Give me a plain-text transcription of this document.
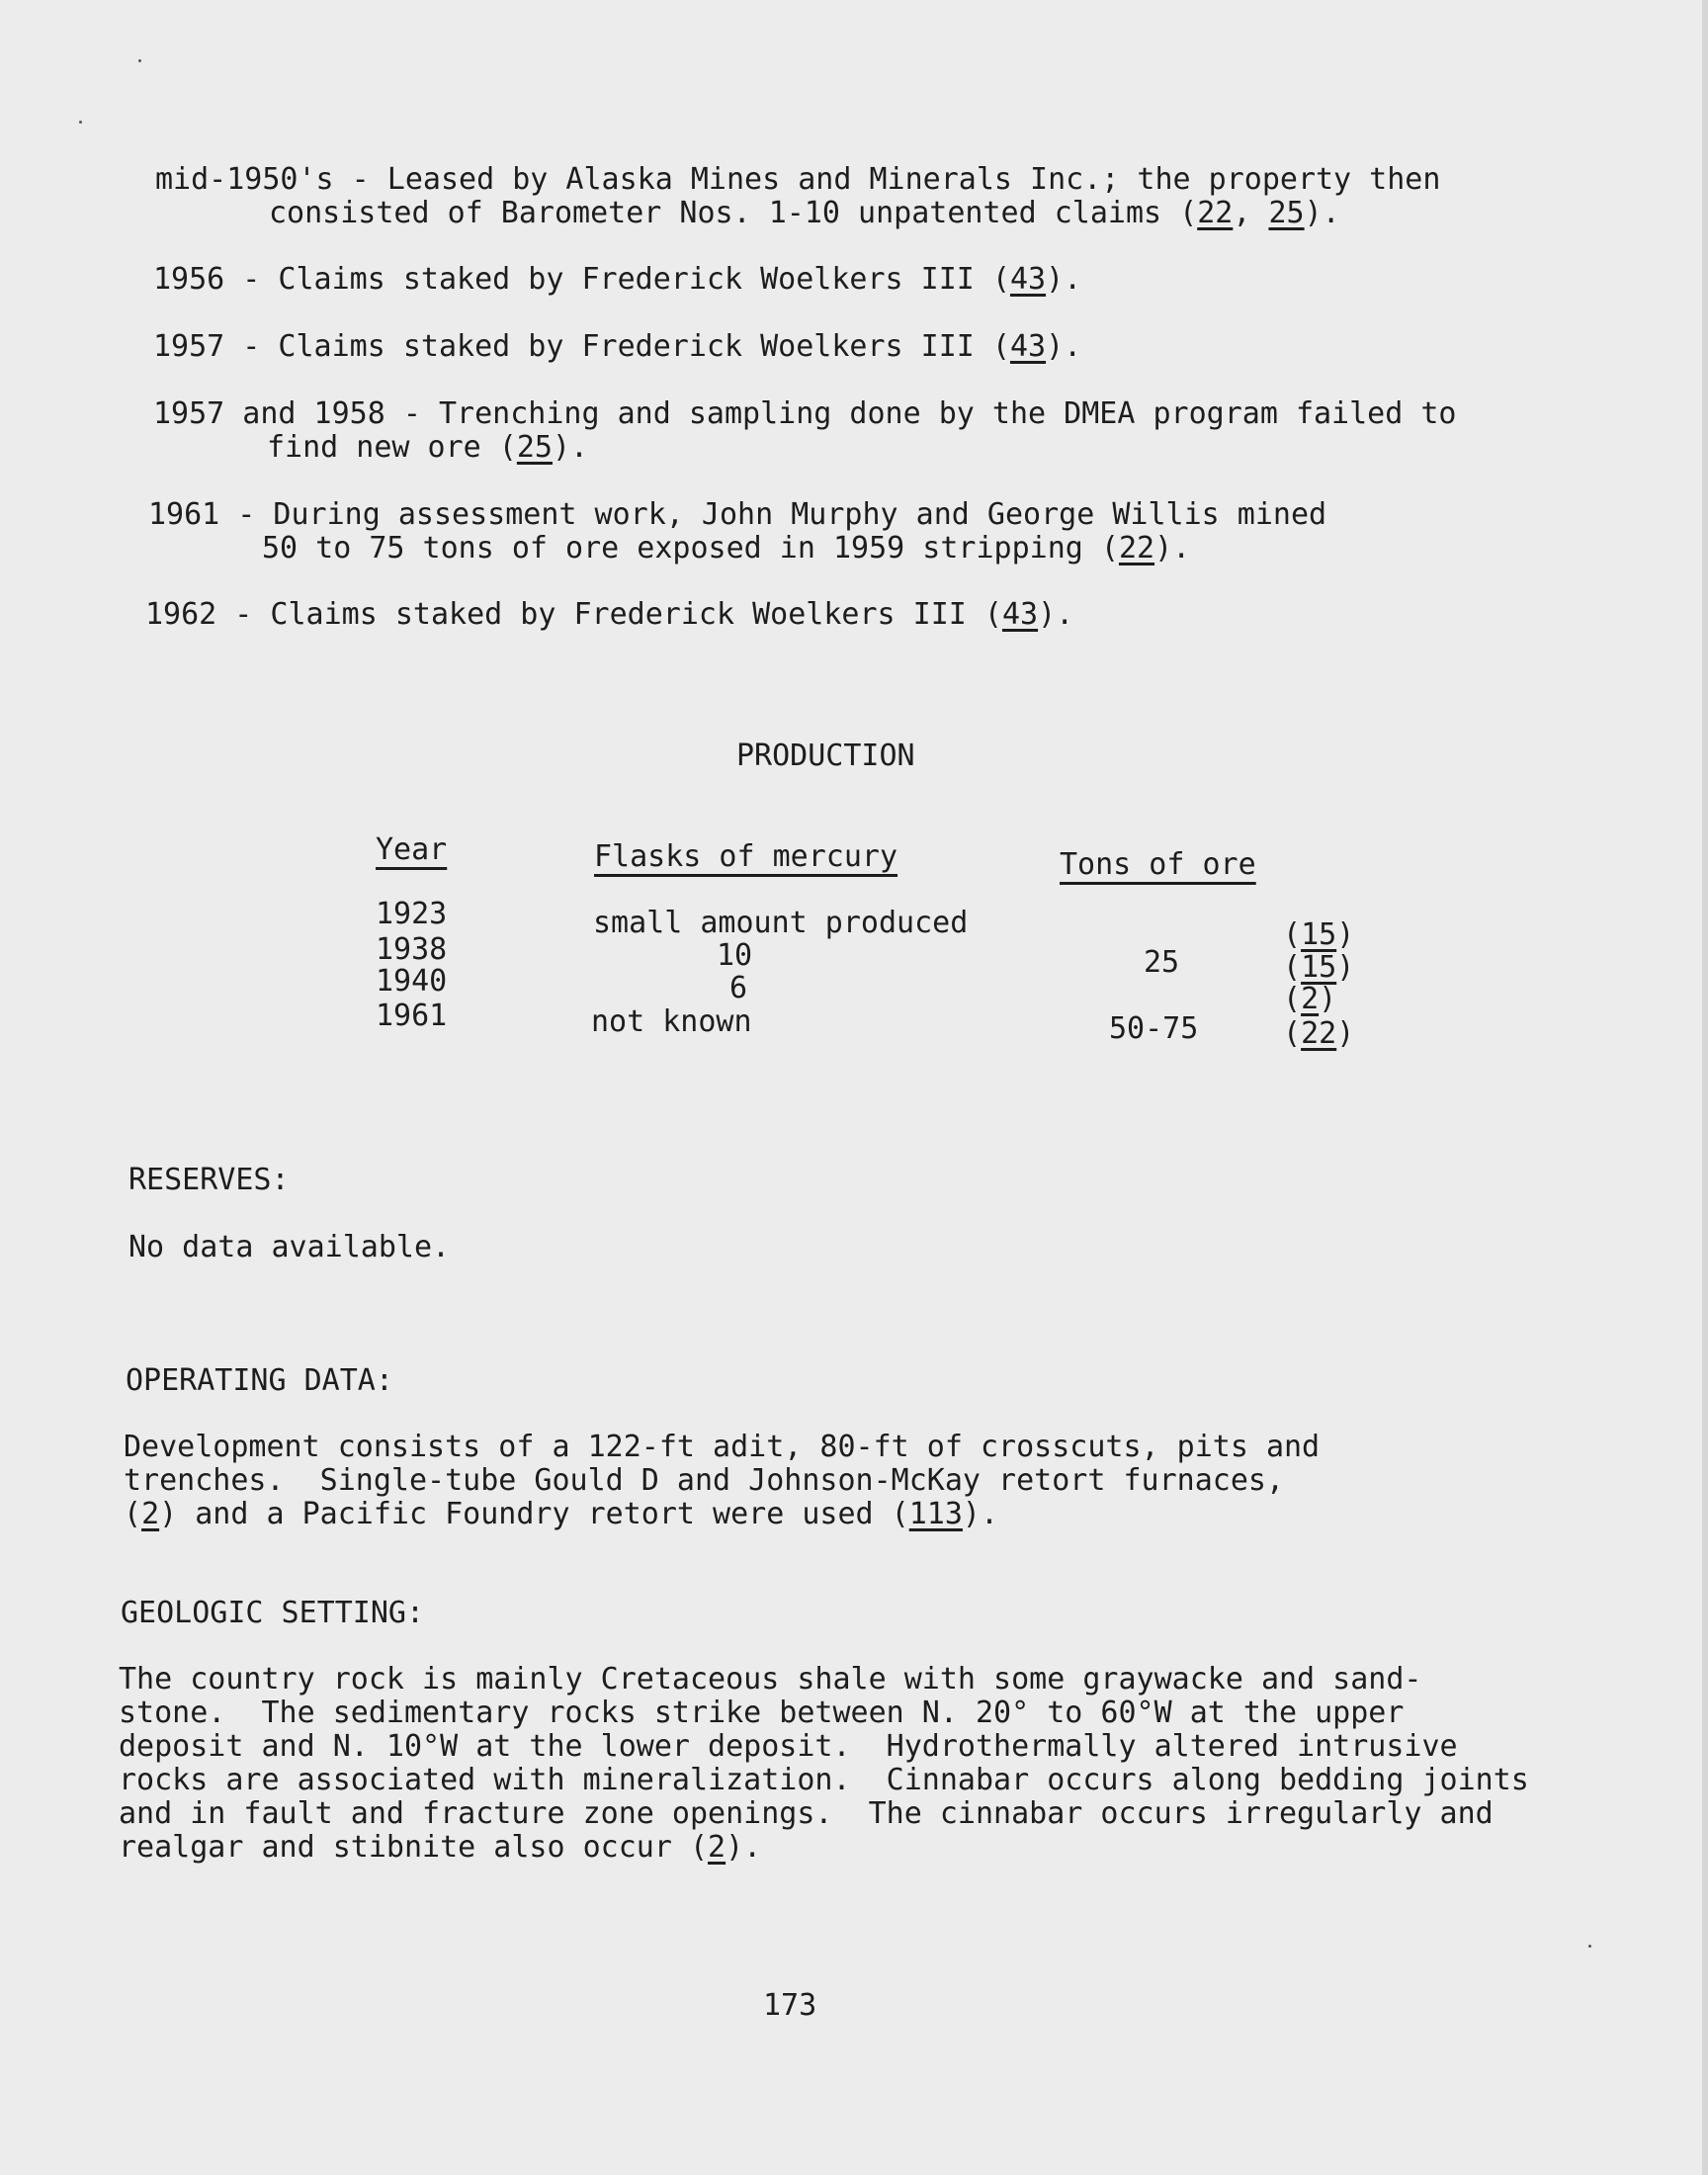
mid-1950's - Leased by Alaska Mines and Minerals Inc.; the property then
consisted of Barometer Nos. 1-10 unpatented claims (22, 25).
1956 - Claims staked by Frederick Woelkers III (43).
1957 - Claims staked by Frederick Woelkers III (43).
1957 and 1958 - Trenching and sampling done by the DMEA program failed to
find new ore (25).
1961 - During assessment work, John Murphy and George Willis mined
50 to 75 tons of ore exposed in 1959 stripping (22).
1962 - Claims staked by Frederick Woelkers III (43).
PRODUCTION
Year	Flasks of mercury	Tons of ore
1923
1938
1940
1961
small amount produced
10
6
not known
25
50-75
(15)
(15)
(2)
(22)
RESERVES:
No data available.
OPERATING DATA:
Development consists of a 122-ft adit, 80-ft of crosscuts, pits and
trenches.  Single-tube Gould D and Johnson-McKay retort furnaces,
(2) and a Pacific Foundry retort were used (113).
GEOLOGIC SETTING:
The country rock is mainly Cretaceous shale with some graywacke and sand-
stone.  The sedimentary rocks strike between N. 20° to 60°W at the upper
deposit and N. 10°W at the lower deposit.  Hydrothermally altered intrusive
rocks are associated with mineralization.  Cinnabar occurs along bedding joints
and in fault and fracture zone openings.  The cinnabar occurs irregularly and
realgar and stibnite also occur (2).
173
